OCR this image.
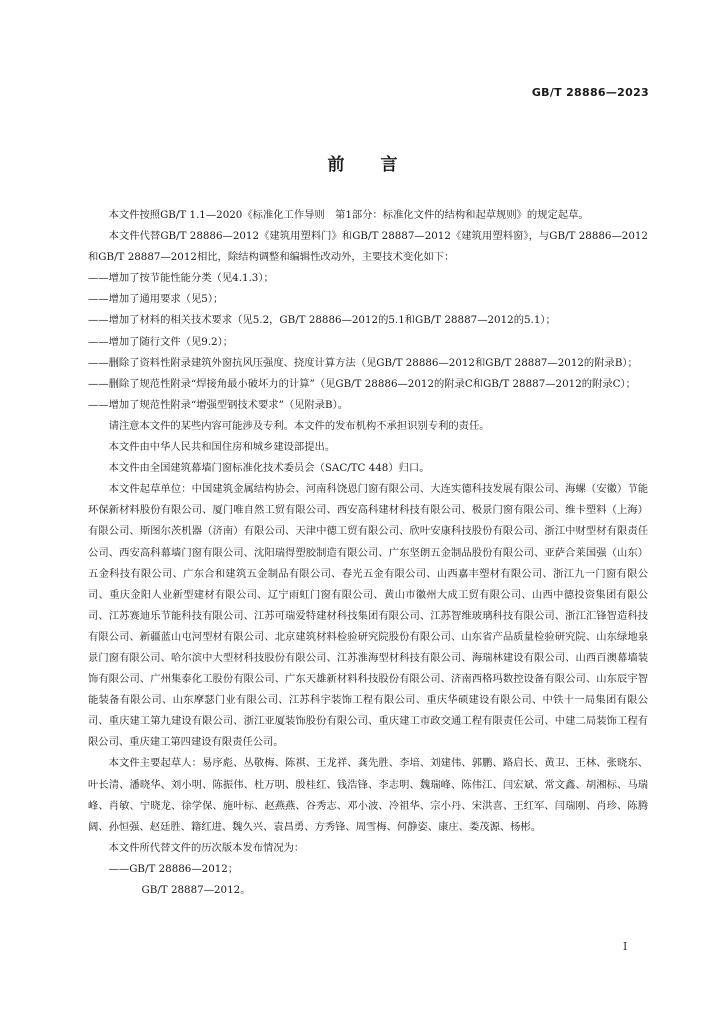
GB/T 28886—2023
前言

本文件按照GB/T 1.1—2020《标准化工作导则　第1部分：标准化文件的结构和起草规则》的规定起草。

本文件代替GB/T 28886—2012《建筑用塑料门》和GB/T 28887—2012《建筑用塑料窗》，与GB/T 28886—2012和GB/T 28887—2012相比，除结构调整和编辑性改动外，主要技术变化如下：

——增加了按节能性能分类（见4.1.3）；

——增加了通用要求（见5）；

——增加了材料的相关技术要求（见5.2，GB/T 28886—2012的5.1和GB/T 28887—2012的5.1）；

——增加了随行文件（见9.2）；

——删除了资料性附录建筑外窗抗风压强度、挠度计算方法（见GB/T 28886—2012和GB/T 28887—2012的附录B）；

——删除了规范性附录“焊接角最小破坏力的计算”（见GB/T 28886—2012的附录C和GB/T 28887—2012的附录C）；

——增加了规范性附录“增强型钢技术要求”（见附录B）。

请注意本文件的某些内容可能涉及专利。本文件的发布机构不承担识别专利的责任。

本文件由中华人民共和国住房和城乡建设部提出。

本文件由全国建筑幕墙门窗标准化技术委员会（SAC/TC 448）归口。

本文件起草单位：中国建筑金属结构协会、河南科饶恩门窗有限公司、大连实德科技发展有限公司、海螺（安徽）节能环保新材料股份有限公司、厦门唯自然工贸有限公司、西安高科建材科技有限公司、极景门窗有限公司、维卡塑料（上海）有限公司、斯图尔茨机器（济南）有限公司、天津中德工贸有限公司、欣叶安康科技股份有限公司、浙江中财型材有限责任公司、西安高科幕墙门窗有限公司、沈阳瑞得塑胶制造有限公司、广东坚朗五金制品股份有限公司、亚萨合莱国强（山东）五金科技有限公司、广东合和建筑五金制品有限公司、春光五金有限公司、山西嘉丰塑材有限公司、浙江九一门窗有限公司、重庆金阳人业新型建材有限公司、辽宁雨虹门窗有限公司、黄山市徽州大成工贸有限公司、山西中德投资集团有限公司、江苏赛迪乐节能科技有限公司、江苏可瑞爱特建材科技集团有限公司、江苏智维玻璃科技有限公司、浙江汇锋智造科技有限公司、新疆蓝山屯河型材有限公司、北京建筑材料检验研究院股份有限公司、山东省产品质量检验研究院、山东绿地泉景门窗有限公司、哈尔滨中大型材科技股份有限公司、江苏淮海型材科技有限公司、海瑞林建设有限公司、山西百澳幕墙装饰有限公司、广州集泰化工股份有限公司、广东天雄新材料科技股份有限公司、济南西格玛数控设备有限公司、山东辰宇智能装备有限公司、山东摩瑟门业有限公司、江苏科宇装饰工程有限公司、重庆华硕建设有限公司、中铁十一局集团有限公司、重庆建工第九建设有限公司、浙江亚厦装饰股份有限公司、重庆建工市政交通工程有限责任公司、中建二局装饰工程有限公司、重庆建工第四建设有限责任公司。

本文件主要起草人：易序彪、丛敬梅、陈祺、王龙祥、龚先胜、李培、刘建伟、郭鹏、路启长、黄卫、王林、张晓东、叶长清、潘晓华、刘小明、陈振伟、杜万明、殷桂红、钱浩锋、李志明、魏瑞峰、陈伟江、闫宏斌、常文鑫、胡湘标、马瑞峰、肖敏、宁晓龙、徐学保、施叶标、赵燕燕、谷秀志、邓小波、冷祖华、宗小丹、宋洪喜、王红军、闫瑞刚、肖珍、陈腾阔、孙恒强、赵廷胜、籍红进、魏久兴、袁昌勇、方秀锋、周雪梅、何静姿、康庄、娄茂源、杨彬。

本文件所代替文件的历次版本发布情况为：

——GB/T 28886—2012；

GB/T 28887—2012。

I
